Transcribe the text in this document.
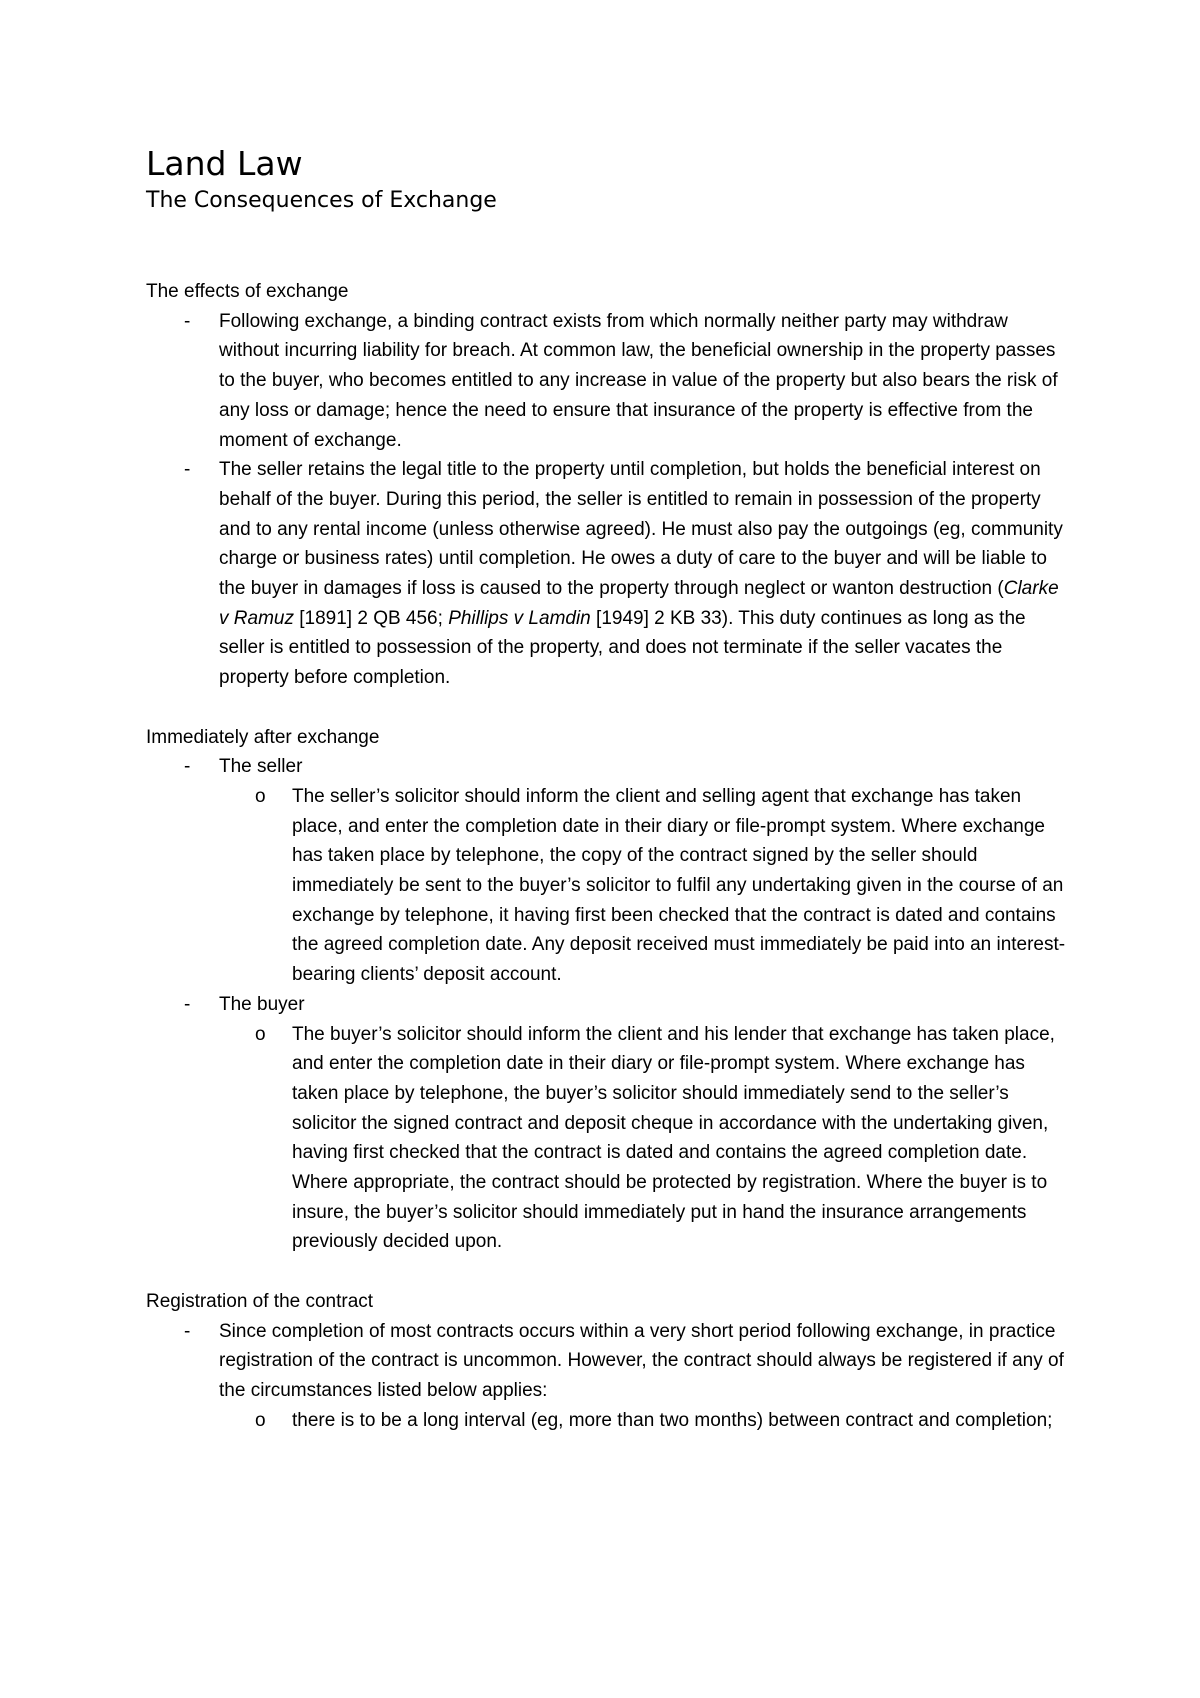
Land Law
The Consequences of Exchange

The effects of exchange

-	Following exchange, a binding contract exists from which normally neither party may withdraw without incurring liability for breach. At common law, the beneficial ownership in the property passes to the buyer, who becomes entitled to any increase in value of the property but also bears the risk of any loss or damage; hence the need to ensure that insurance of the property is effective from the moment of exchange.
-	The seller retains the legal title to the property until completion, but holds the beneficial interest on behalf of the buyer. During this period, the seller is entitled to remain in possession of the property and to any rental income (unless otherwise agreed). He must also pay the outgoings (eg, community charge or business rates) until completion. He owes a duty of care to the buyer and will be liable to the buyer in damages if loss is caused to the property through neglect or wanton destruction (Clarke v Ramuz [1891] 2 QB 456; Phillips v Lamdin [1949] 2 KB 33). This duty continues as long as the seller is entitled to possession of the property, and does not terminate if the seller vacates the property before completion.

Immediately after exchange

-	The seller
o	The seller’s solicitor should inform the client and selling agent that exchange has taken place, and enter the completion date in their diary or file-prompt system. Where exchange has taken place by telephone, the copy of the contract signed by the seller should immediately be sent to the buyer’s solicitor to fulfil any undertaking given in the course of an exchange by telephone, it having first been checked that the contract is dated and contains the agreed completion date. Any deposit received must immediately be paid into an interest-bearing clients’ deposit account.
-	The buyer
o	The buyer’s solicitor should inform the client and his lender that exchange has taken place, and enter the completion date in their diary or file-prompt system. Where exchange has taken place by telephone, the buyer’s solicitor should immediately send to the seller’s solicitor the signed contract and deposit cheque in accordance with the undertaking given, having first checked that the contract is dated and contains the agreed completion date. Where appropriate, the contract should be protected by registration. Where the buyer is to insure, the buyer’s solicitor should immediately put in hand the insurance arrangements previously decided upon.

Registration of the contract

-	Since completion of most contracts occurs within a very short period following exchange, in practice registration of the contract is uncommon. However, the contract should always be registered if any of the circumstances listed below applies:
o	there is to be a long interval (eg, more than two months) between contract and completion;
